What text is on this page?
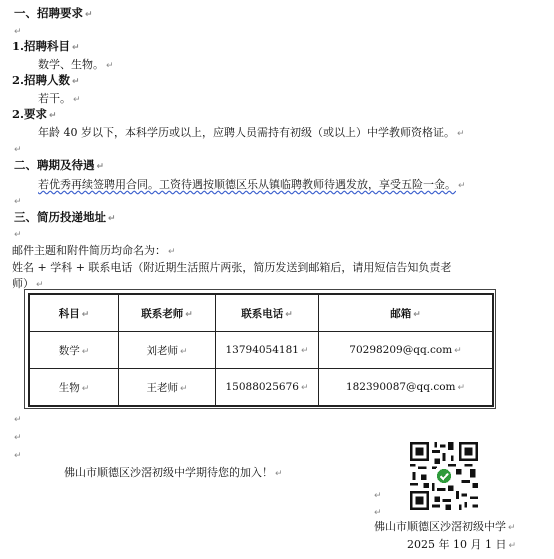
一、招聘要求 ↵
↵
1.招聘科目 ↵
数学、生物。 ↵
2.招聘人数 ↵
若干。 ↵
2.要求 ↵
年龄 40 岁以下，本科学历或以上，应聘人员需持有初级（或以上）中学教师资格证。 ↵
↵
二、聘期及待遇 ↵
若优秀再续签聘用合同。工资待遇按顺德区乐从镇临聘教师待遇发放，享受五险一金。 ↵
↵
三、简历投递地址 ↵
↵
邮件主题和附件简历均命名为： ↵
姓名 + 学科 + 联系电话（附近期生活照片两张，简历发送到邮箱后，请用短信告知负责老
师） ↵
科目 ↵	联系老师 ↵	联系电话 ↵	邮箱 ↵
数学 ↵	刘老师 ↵	13794054181 ↵	70298209@qq.com ↵
生物 ↵	王老师 ↵	15088025676 ↵	182390087@qq.com ↵
↵
↵
↵
佛山市顺德区沙滘初级中学期待您的加入！ ↵
↵
↵
佛山市顺德区沙滘初级中学 ↵
2025 年 10 月 1 日 ↵
